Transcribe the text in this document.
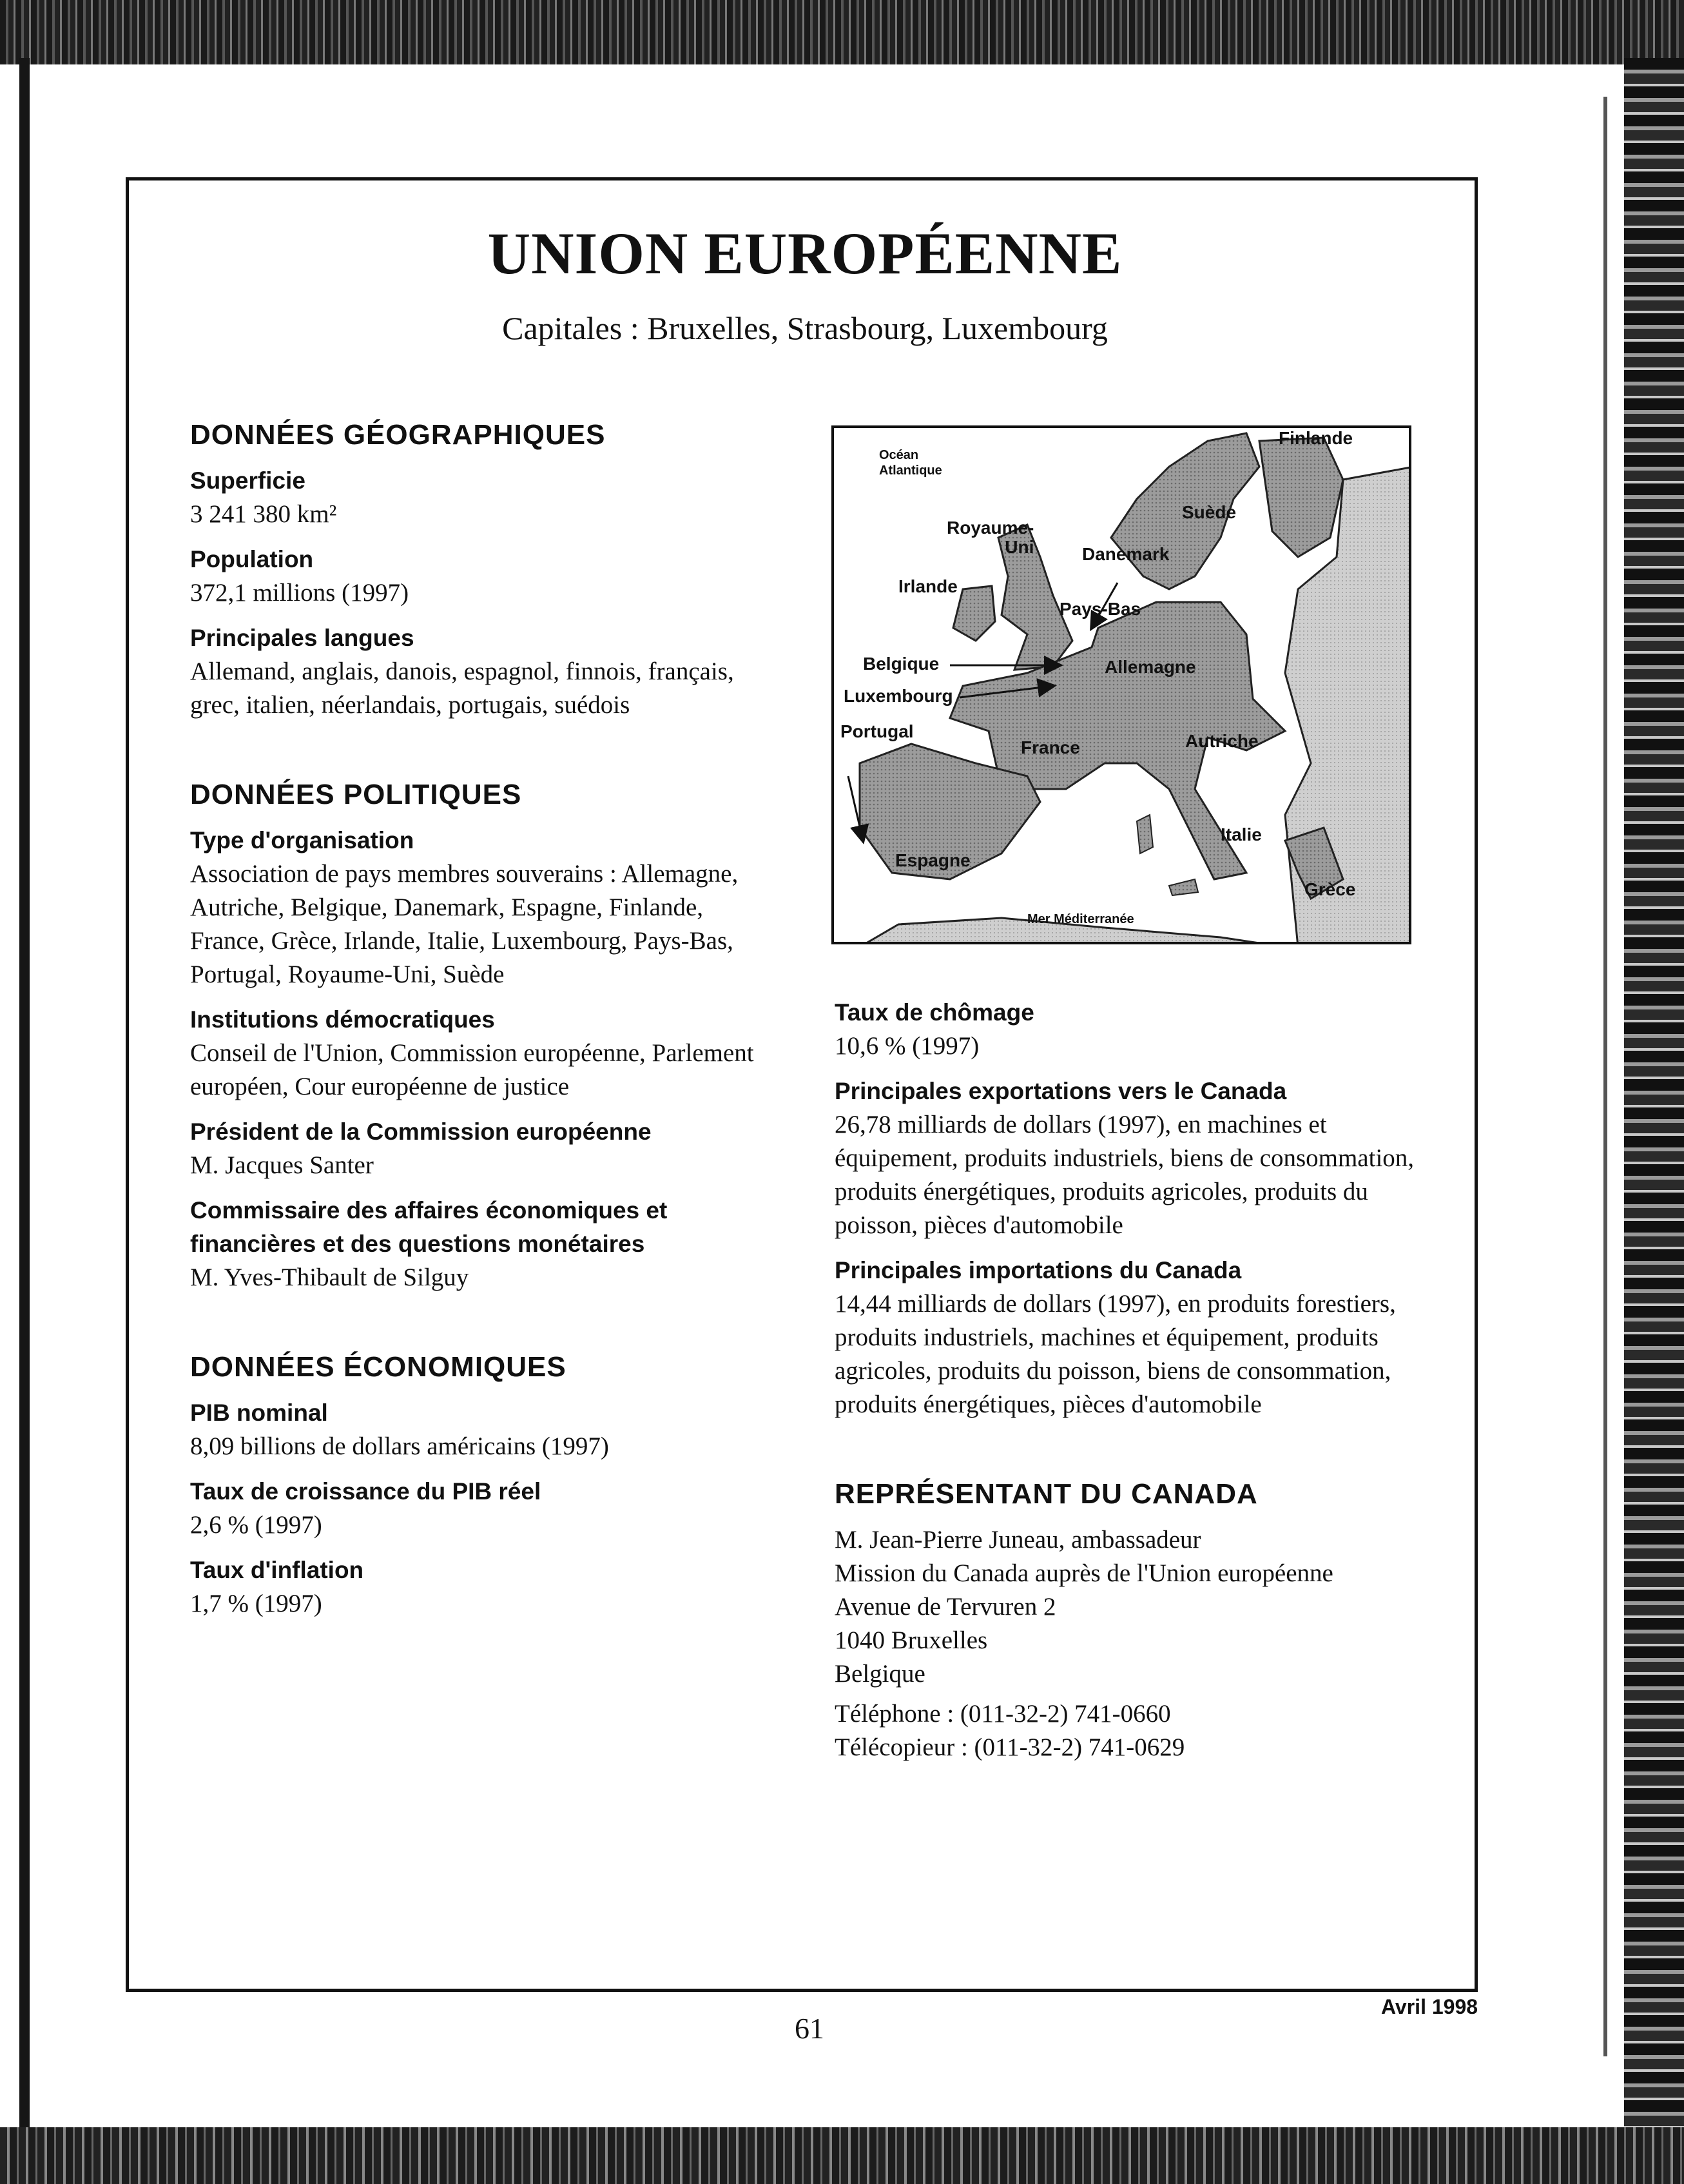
UNION EUROPÉENNE
Capitales : Bruxelles, Strasbourg, Luxembourg
DONNÉES GÉOGRAPHIQUES

Superficie

3 241 380 km²

Population

372,1 millions (1997)

Principales langues

Allemand, anglais, danois, espagnol, finnois, français, grec, italien, néerlandais, portugais, suédois

DONNÉES POLITIQUES

Type d'organisation

Association de pays membres souverains : Allemagne, Autriche, Belgique, Danemark, Espagne, Finlande, France, Grèce, Irlande, Italie, Luxembourg, Pays-Bas, Portugal, Royaume-Uni, Suède

Institutions démocratiques

Conseil de l'Union, Commission européenne, Parlement européen, Cour européenne de justice

Président de la Commission européenne

M. Jacques Santer

Commissaire des affaires économiques et financières et des questions monétaires

M. Yves-Thibault de Silguy

DONNÉES ÉCONOMIQUES

PIB nominal

8,09 billions de dollars américains (1997)

Taux de croissance du PIB réel

2,6 % (1997)

Taux d'inflation

1,7 % (1997)

Océan
Atlantique
Finlande
Suède
Royaume-
Uni	Danemark
Irlande
Pays-Bas
Belgique	Allemagne
Luxembourg
Portugal
France	Autriche
Italie
Espagne
Grèce
Mer Méditerranée

Taux de chômage

10,6 % (1997)

Principales exportations vers le Canada

26,78 milliards de dollars (1997), en machines et équipement, produits industriels, biens de consommation, produits énergétiques, produits agricoles, produits du poisson, pièces d'automobile

Principales importations du Canada

14,44 milliards de dollars (1997), en produits forestiers, produits industriels, machines et équipement, produits agricoles, produits du poisson, biens de consommation, produits énergétiques, pièces d'automobile

REPRÉSENTANT DU CANADA

M. Jean-Pierre Juneau, ambassadeur

Mission du Canada auprès de l'Union européenne

Avenue de Tervuren 2

1040 Bruxelles

Belgique

Téléphone : (011-32-2) 741-0660

Télécopieur : (011-32-2) 741-0629

Avril 1998
61
